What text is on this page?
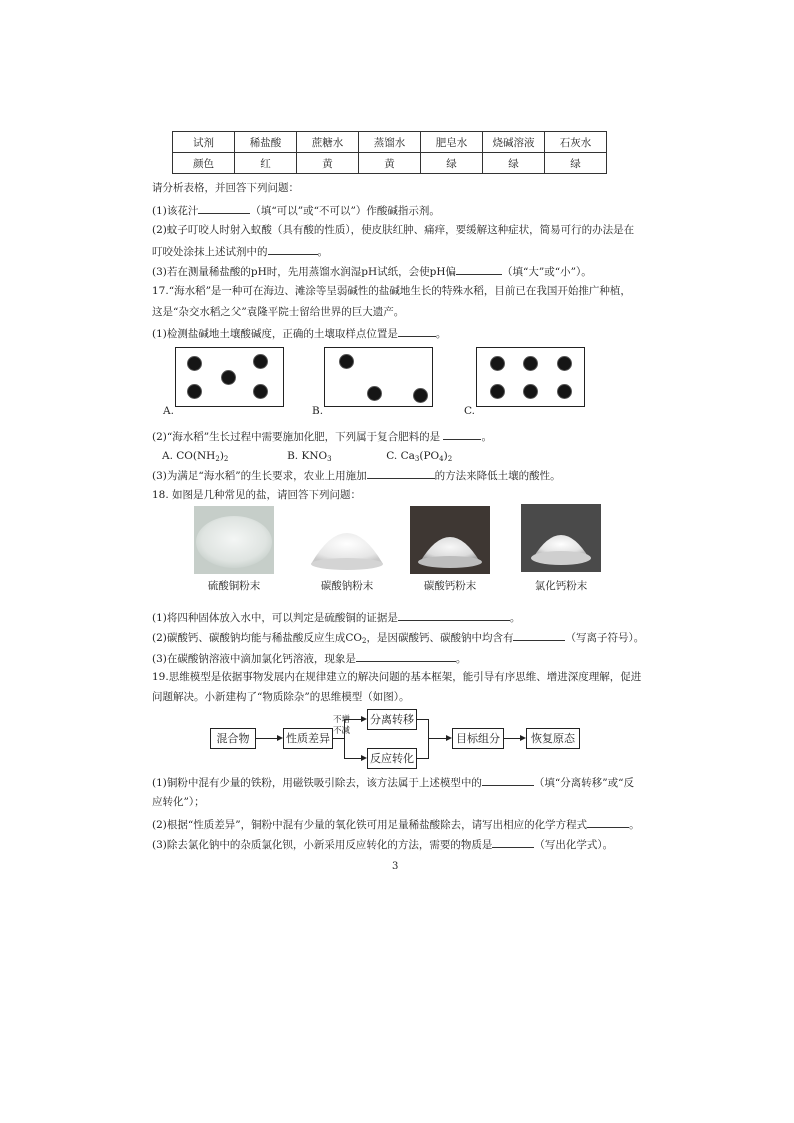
试剂	稀盐酸	蔗糖水	蒸馏水	肥皂水	烧碱溶液	石灰水
颜色	红	黄	黄	绿	绿	绿
请分析表格，并回答下列问题：
(1)该花汁	（填“可以”或“不可以”）作酸碱指示剂。
(2)蚊子叮咬人时射入蚁酸（具有酸的性质），使皮肤红肿、痛痒，要缓解这种症状，简易可行的办法是在
叮咬处涂抹上述试剂中的	。
(3)若在测量稀盐酸的pH时，先用蒸馏水润湿pH试纸，会使pH偏	（填“大”或“小”）。
17.“海水稻”是一种可在海边、滩涂等呈弱碱性的盐碱地生长的特殊水稻，目前已在我国开始推广种植，
这是“杂交水稻之父”袁隆平院士留给世界的巨大遗产。
(1)检测盐碱地土壤酸碱度，正确的土壤取样点位置是	。
A.	B.	C.
(2)“海水稻”生长过程中需要施加化肥，下列属于复合肥料的是	。
A. $CO(NH_2)_2$	B. $KNO_3$	C. $Ca_3(PO_4)_2$
(3)为满足“海水稻”的生长要求，农业上用施加	的方法来降低土壤的酸性。
18. 如图是几种常见的盐，请回答下列问题：
硫酸铜粉末	碳酸钠粉末	碳酸钙粉末	氯化钙粉末
(1)将四种固体放入水中，可以判定是硫酸铜的证据是	。
(2)碳酸钙、碳酸钠均能与稀盐酸反应生成$CO_2$，是因碳酸钙、碳酸钠中均含有	（写离子符号）。
(3)在碳酸钠溶液中滴加氯化钙溶液，现象是	。
19.思维模型是依据事物发展内在规律建立的解决问题的基本框架，能引导有序思维、增进深度理解，促进
问题解决。小新建构了“物质除杂”的思维模型（如图）。
混合物	性质差异
不增
不减
分离转移
反应转化
目标组分	恢复原态
(1)铜粉中混有少量的铁粉，用磁铁吸引除去，该方法属于上述模型中的	（填“分离转移”或“反
应转化”）；
(2)根据“性质差异”，铜粉中混有少量的氧化铁可用足量稀盐酸除去，请写出相应的化学方程式	。
(3)除去氯化钠中的杂质氯化钡，小新采用反应转化的方法，需要的物质是	（写出化学式）。
3
